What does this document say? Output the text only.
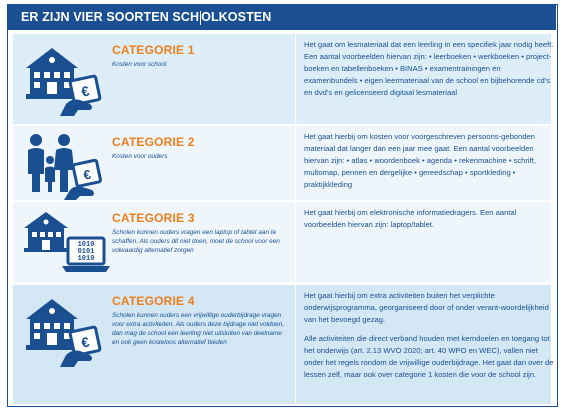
ER ZIJN VIER SOORTEN SCH OLKOSTEN
€
CATEGORIE 1
Kosten voor school

Het gaat om lesmateriaal dat een leerling in een specifiek jaar nodig heeft. Een aantal voorbeelden hiervan zijn: • leerboeken • werkboeken • project-boeken en tabellenboeken • BINAS • examentrainingen en examenbundels • eigen leermateriaal van de school en bijbehorende cd’s en dvd’s en gelicenseerd digitaal lesmateriaal

€
CATEGORIE 2
Kosten voor ouders

Het gaat hierbij om kosten voor voorgeschreven persoons-gebonden materiaal dat langer dan een jaar mee gaat. Een aantal voorbeelden hiervan zijn: • atlas • woordenboek • agenda • rekenmachine • schrift, multomap, pennen en dergelijke • gereedschap • sportkleding • praktijkkleding

1010
0101
1010
CATEGORIE 3
Scholen kunnen ouders vragen een laptop of tablet aan te schaffen. Als ouders dit niet doen, moet de school voor een volwaardig alternatief zorgen

Het gaat hierbij om elektronische informatiedragers. Een aantal voorbeelden hiervan zijn: laptop/tablet.

€
CATEGORIE 4
Scholen kunnen ouders een vrijwillige ouderbijdrage vragen voor extra activiteiten. Als ouders deze bijdrage niet voldoen, dan mag de school een leerling niet uitsluiten van deelname en ook geen kosteloos alternatief bieden

Het gaat hierbij om extra activiteiten buiten het verplichte onderwijsprogramma, georganiseerd door of onder verant-woordelijkheid van het bevoegd gezag.

Alle activiteiten die direct verband houden met kerndoelen en toegang tot het onderwijs (art. 2.13 WVO 2020; art. 40 WPO en WEC), vallen niet onder het regels rondom de vrijwillige ouderbijdrage. Het gaat dan over de lessen zelf, maar ook over categorie 1 kosten die voor de school zijn.
